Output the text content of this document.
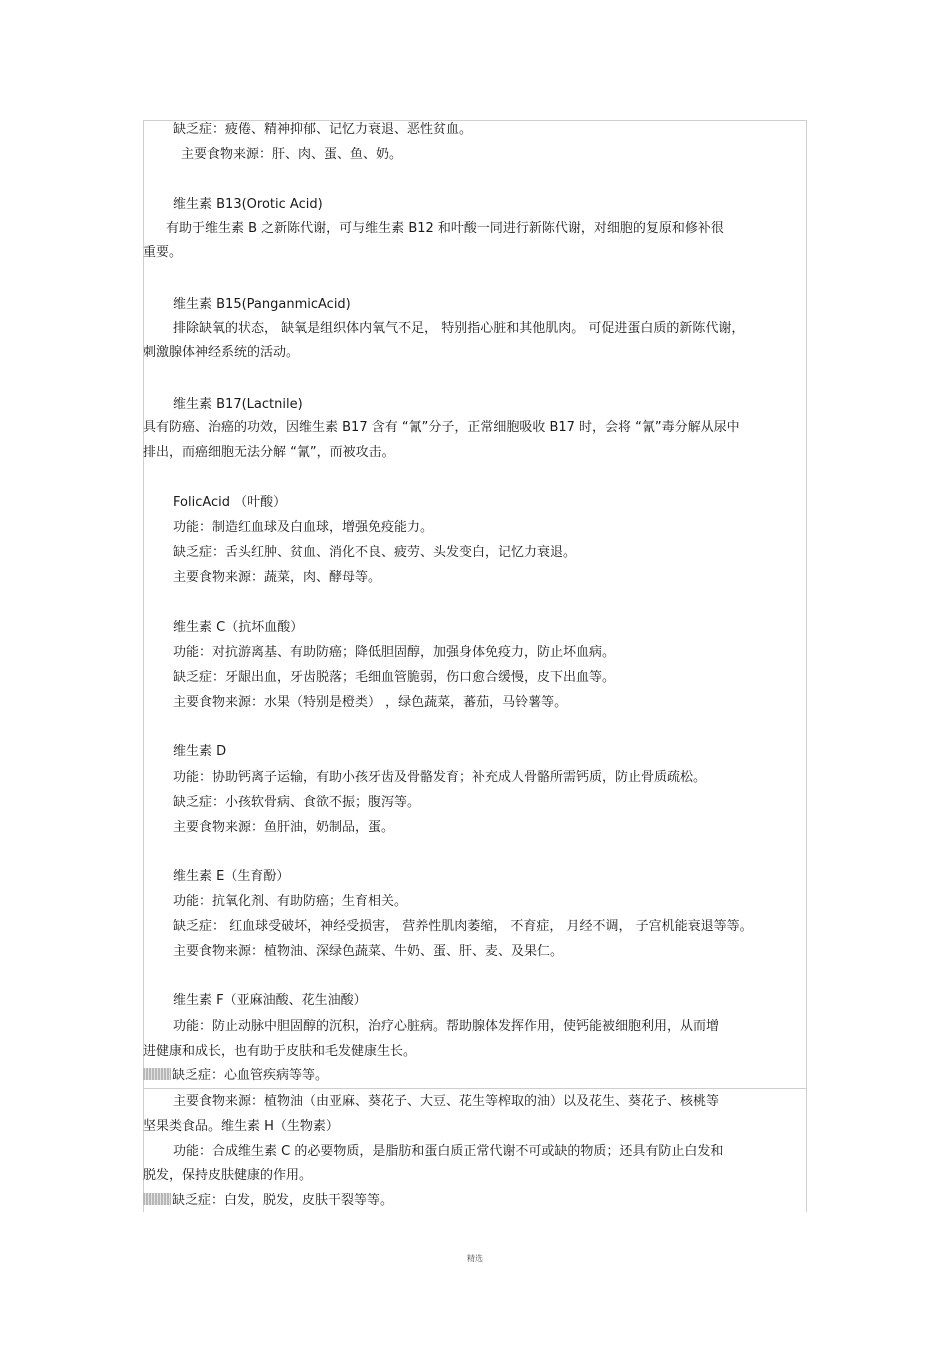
缺乏症：疲倦、精神抑郁、记忆力衰退、恶性贫血。
主要食物来源：肝、肉、蛋、鱼、奶。
维生素 B13(Orotic Acid)
有助于维生素 B 之新陈代谢，可与维生素 B12 和叶酸一同进行新陈代谢，对细胞的复原和修补很
重要。
维生素 B15(PanganmicAcid)
排除缺氧的状态， 缺氧是组织体内氧气不足， 特别指心脏和其他肌肉。 可促进蛋白质的新陈代谢，
刺激腺体神经系统的活动。
维生素 B17(Lactnile)
具有防癌、治癌的功效，因维生素 B17 含有 “氰”分子，正常细胞吸收 B17 时，会将 “氰”毒分解从尿中
排出，而癌细胞无法分解 “氰”，而被攻击。
FolicAcid （叶酸）
功能：制造红血球及白血球，增强免疫能力。
缺乏症：舌头红肿、贫血、消化不良、疲劳、头发变白，记忆力衰退。
主要食物来源：蔬菜，肉、酵母等。
维生素 C（抗坏血酸）
功能：对抗游离基、有助防癌；降低胆固醇，加强身体免疫力，防止坏血病。
缺乏症：牙龈出血，牙齿脱落；毛细血管脆弱，伤口愈合缓慢，皮下出血等。
主要食物来源：水果（特别是橙类） ，绿色蔬菜，蕃茄，马铃薯等。
维生素 D
功能：协助钙离子运输，有助小孩牙齿及骨骼发育；补充成人骨骼所需钙质，防止骨质疏松。
缺乏症：小孩软骨病、食欲不振；腹泻等。
主要食物来源：鱼肝油，奶制品，蛋。
维生素 E（生育酚）
功能：抗氧化剂、有助防癌；生育相关。
缺乏症： 红血球受破坏，神经受损害， 营养性肌肉萎缩， 不育症， 月经不调， 子宫机能衰退等等。
主要食物来源：植物油、深绿色蔬菜、牛奶、蛋、肝、麦、及果仁。
维生素 F（亚麻油酸、花生油酸）
功能：防止动脉中胆固醇的沉积，治疗心脏病。帮助腺体发挥作用，使钙能被细胞利用，从而增
进健康和成长，也有助于皮肤和毛发健康生长。
缺乏症：心血管疾病等等。
主要食物来源：植物油（由亚麻、葵花子、大豆、花生等榨取的油）以及花生、葵花子、核桃等
坚果类食品。维生素 H（生物素）
功能：合成维生素 C 的必要物质，是脂肪和蛋白质正常代谢不可或缺的物质；还具有防止白发和
脱发，保持皮肤健康的作用。
缺乏症：白发，脱发，皮肤干裂等等。
精选
